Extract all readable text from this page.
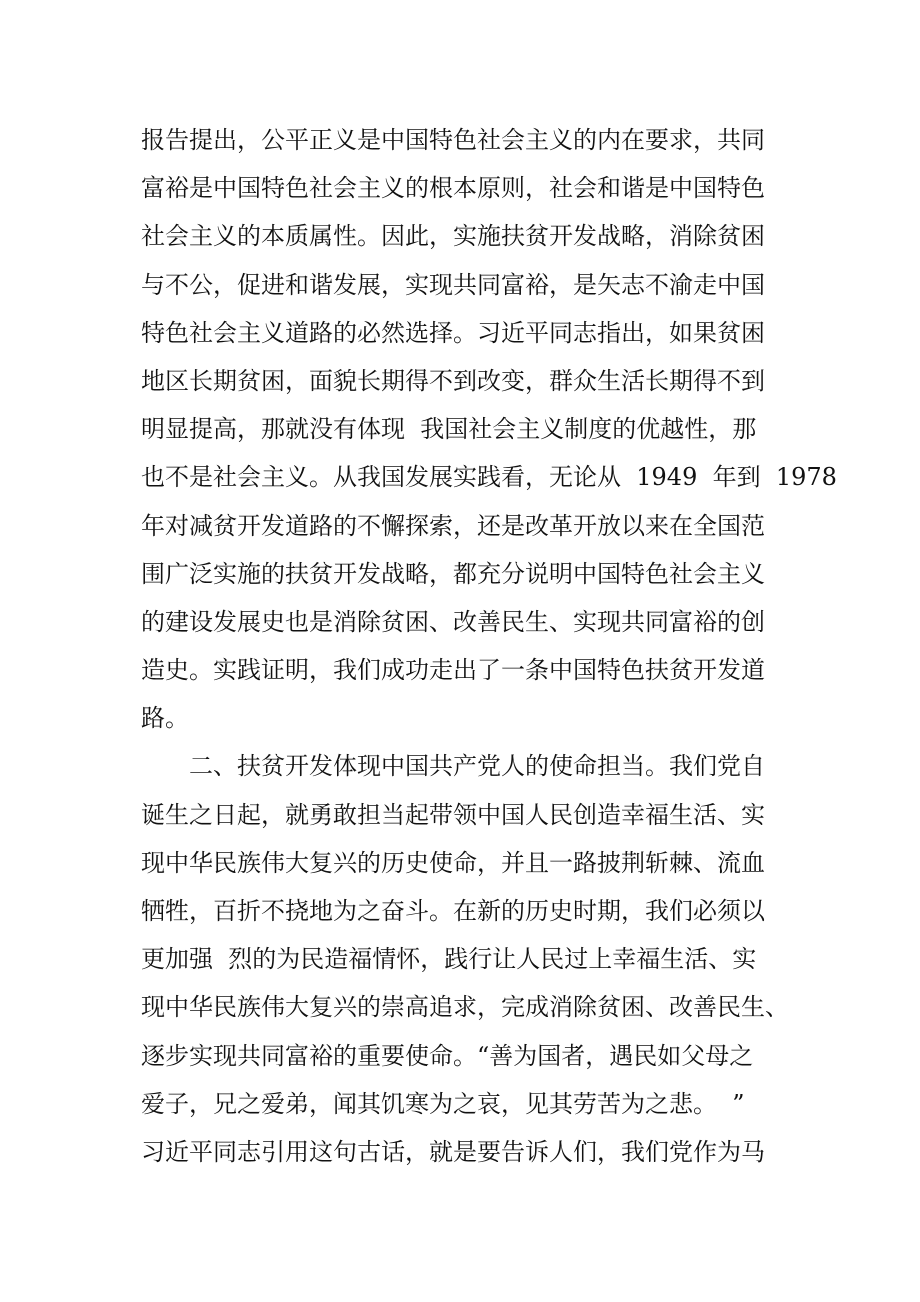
报告提出，公平正义是中国特色社会主义的内在要求，共同
富裕是中国特色社会主义的根本原则，社会和谐是中国特色
社会主义的本质属性。因此，实施扶贫开发战略，消除贫困
与不公，促进和谐发展，实现共同富裕，是矢志不渝走中国
特色社会主义道路的必然选择。习近平同志指出，如果贫困
地区长期贫困，面貌长期得不到改变，群众生活长期得不到
明显提高，那就没有体现  我国社会主义制度的优越性，那
也不是社会主义。从我国发展实践看，无论从  1949  年到  1978
年对减贫开发道路的不懈探索，还是改革开放以来在全国范
围广泛实施的扶贫开发战略，都充分说明中国特色社会主义
的建设发展史也是消除贫困、改善民生、实现共同富裕的创
造史。实践证明，我们成功走出了一条中国特色扶贫开发道
路。
二、扶贫开发体现中国共产党人的使命担当。我们党自
诞生之日起，就勇敢担当起带领中国人民创造幸福生活、实
现中华民族伟大复兴的历史使命，并且一路披荆斩棘、流血
牺牲，百折不挠地为之奋斗。在新的历史时期，我们必须以
更加强  烈的为民造福情怀，践行让人民过上幸福生活、实
现中华民族伟大复兴的崇高追求，完成消除贫困、改善民生、
逐步实现共同富裕的重要使命。“善为国者，遇民如父母之
爱子，兄之爱弟，闻其饥寒为之哀，见其劳苦为之悲。  ”
习近平同志引用这句古话，就是要告诉人们，我们党作为马
